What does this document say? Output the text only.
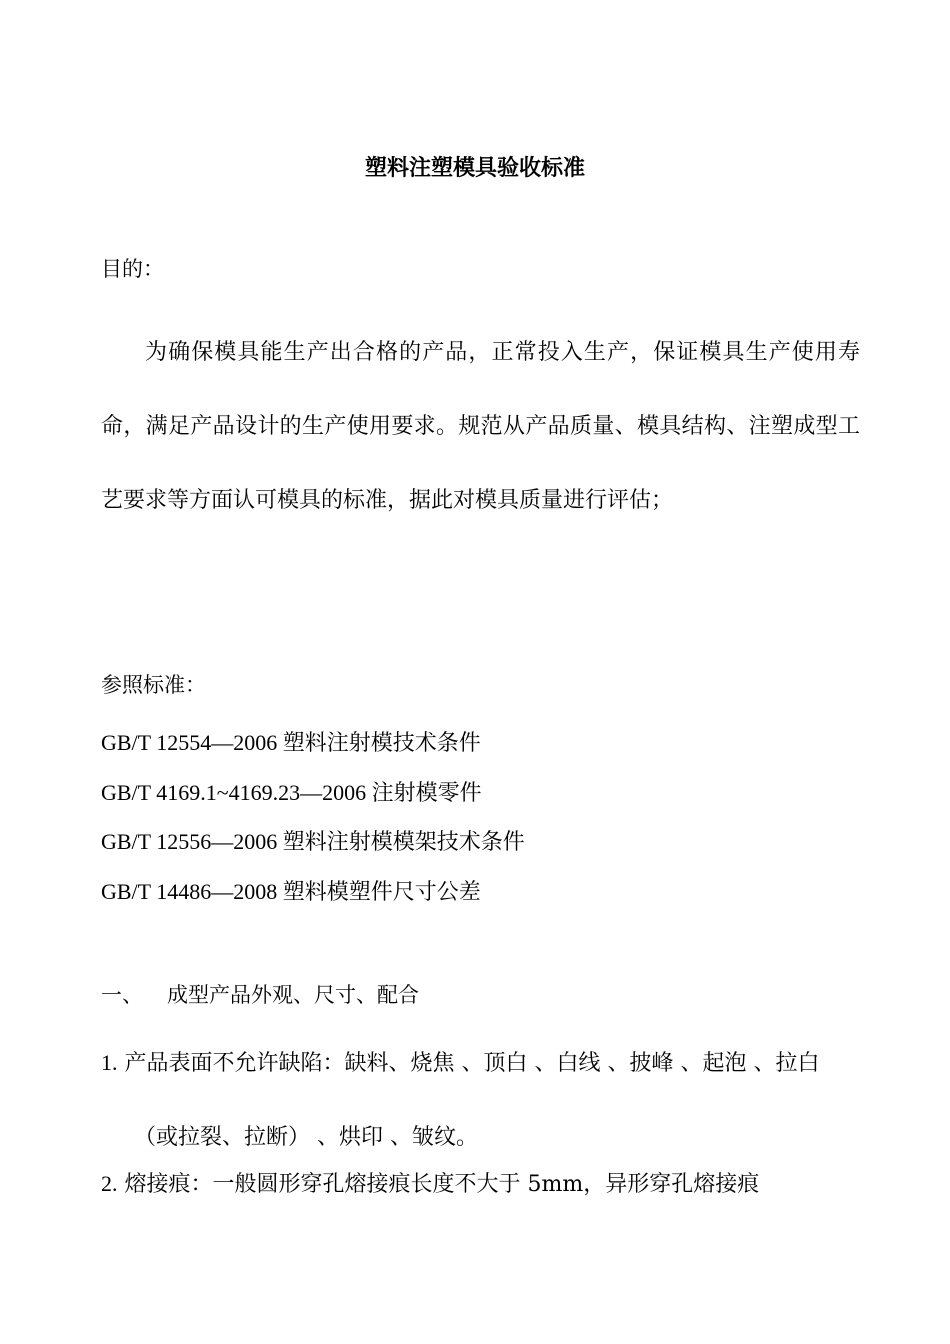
塑料注塑模具验收标准
目的：

为确保模具能生产出合格的产品，正常投入生产，保证模具生产使用寿命，满足产品设计的生产使用要求。规范从产品质量、模具结构、注塑成型工艺要求等方面认可模具的标准，据此对模具质量进行评估；

参照标准：
GB/T 12554—2006 塑料注射模技术条件
GB/T 4169.1~4169.23—2006 注射模零件
GB/T 12556—2006 塑料注射模模架技术条件
GB/T 14486—2008 塑料模塑件尺寸公差
一、 成型产品外观、尺寸、配合

1. 产品表面不允许缺陷：缺料、烧焦 、顶白 、白线 、披峰 、起泡 、拉白（或拉裂、拉断） 、烘印 、皱纹。

2. 熔接痕：一般圆形穿孔熔接痕长度不大于 5mm，异形穿孔熔接痕
